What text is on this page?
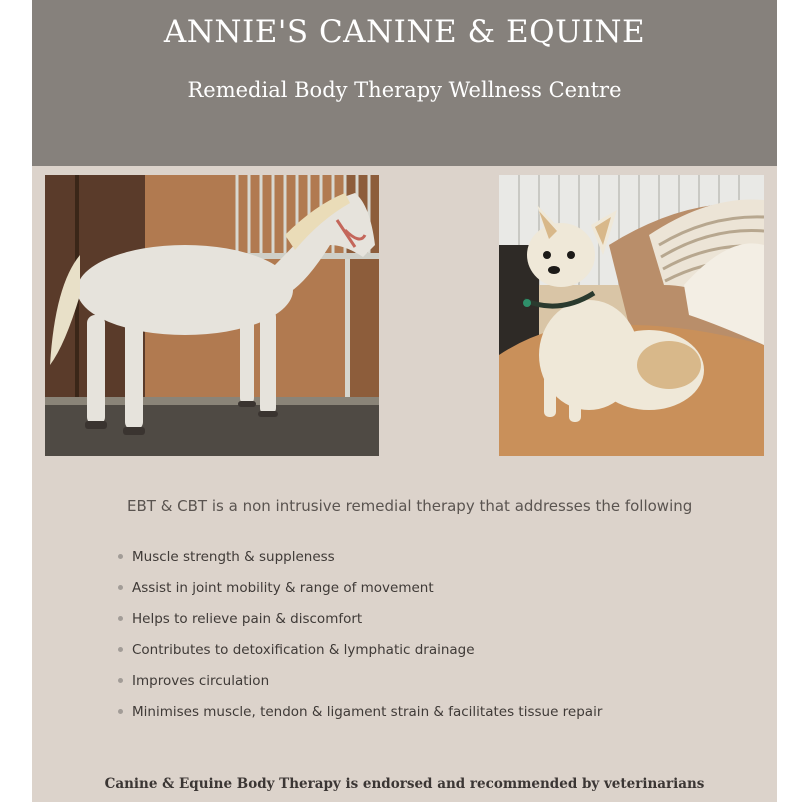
ANNIE'S CANINE & EQUINE
Remedial Body Therapy Wellness Centre
EBT & CBT is a non intrusive remedial therapy that addresses the following
Muscle strength & suppleness
Assist in joint mobility & range of movement
Helps to relieve pain & discomfort
Contributes to detoxification & lymphatic drainage
Improves circulation
Minimises muscle, tendon & ligament strain & facilitates tissue repair
Canine & Equine Body Therapy is endorsed and recommended by veterinarians
